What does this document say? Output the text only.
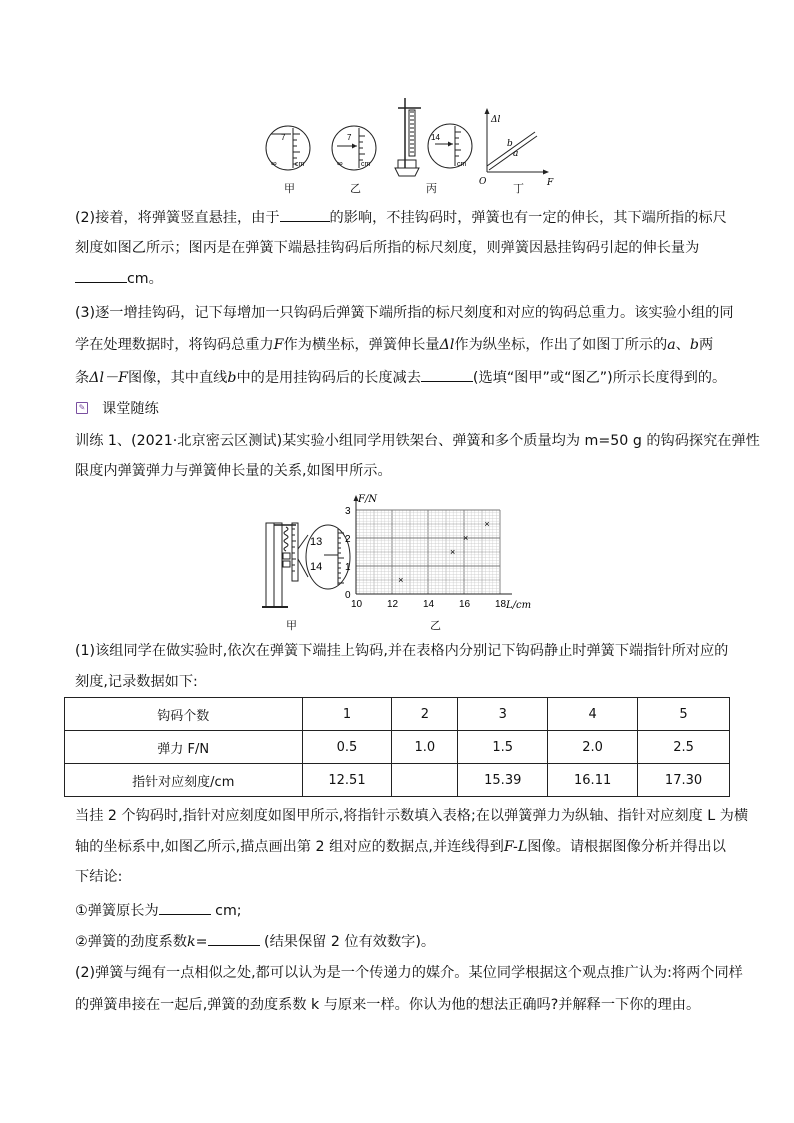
7
cm
∞
7
cm
∞
14
cm
Δl
O	F
b
a
甲	乙	丙	丁

(2)接着，将弹簧竖直悬挂，由于	的影响，不挂钩码时，弹簧也有一定的伸长，其下端所指的标尺

刻度如图乙所示；图丙是在弹簧下端悬挂钩码后所指的标尺刻度，则弹簧因悬挂钩码引起的伸长量为

cm。

(3)逐一增挂钩码，记下每增加一只钩码后弹簧下端所指的标尺刻度和对应的钩码总重力。该实验小组的同

学在处理数据时，将钩码总重力F作为横坐标，弹簧伸长量Δl作为纵坐标，作出了如图丁所示的a、b两

条Δl－F图像，其中直线b中的是用挂钩码后的长度减去	(选填“图甲”或“图乙”)所示长度得到的。

✎ 课堂随练

训练 1、(2021·北京密云区测试)某实验小组同学用铁架台、弹簧和多个质量均为 m=50 g 的钩码探究在弹性

限度内弹簧弹力与弹簧伸长量的关系,如图甲所示。

13
14
甲
10 12 14 16 18
0
1
2
3
×
×
×
×
F/N
L/cm
乙

(1)该组同学在做实验时,依次在弹簧下端挂上钩码,并在表格内分别记下钩码静止时弹簧下端指针所对应的

刻度,记录数据如下:

钩码个数	1	2	3	4	5
弹力 F/N	0.5	1.0	1.5	2.0	2.5
指针对应刻度/cm	12.51		15.39	16.11	17.30

当挂 2 个钩码时,指针对应刻度如图甲所示,将指针示数填入表格;在以弹簧弹力为纵轴、指针对应刻度 L 为横

轴的坐标系中,如图乙所示,描点画出第 2 组对应的数据点,并连线得到F-L图像。请根据图像分析并得出以

下结论:

①弹簧原长为	cm;

②弹簧的劲度系数k=	(结果保留 2 位有效数字)。

(2)弹簧与绳有一点相似之处,都可以认为是一个传递力的媒介。某位同学根据这个观点推广认为:将两个同样

的弹簧串接在一起后,弹簧的劲度系数 k 与原来一样。你认为他的想法正确吗?并解释一下你的理由。
